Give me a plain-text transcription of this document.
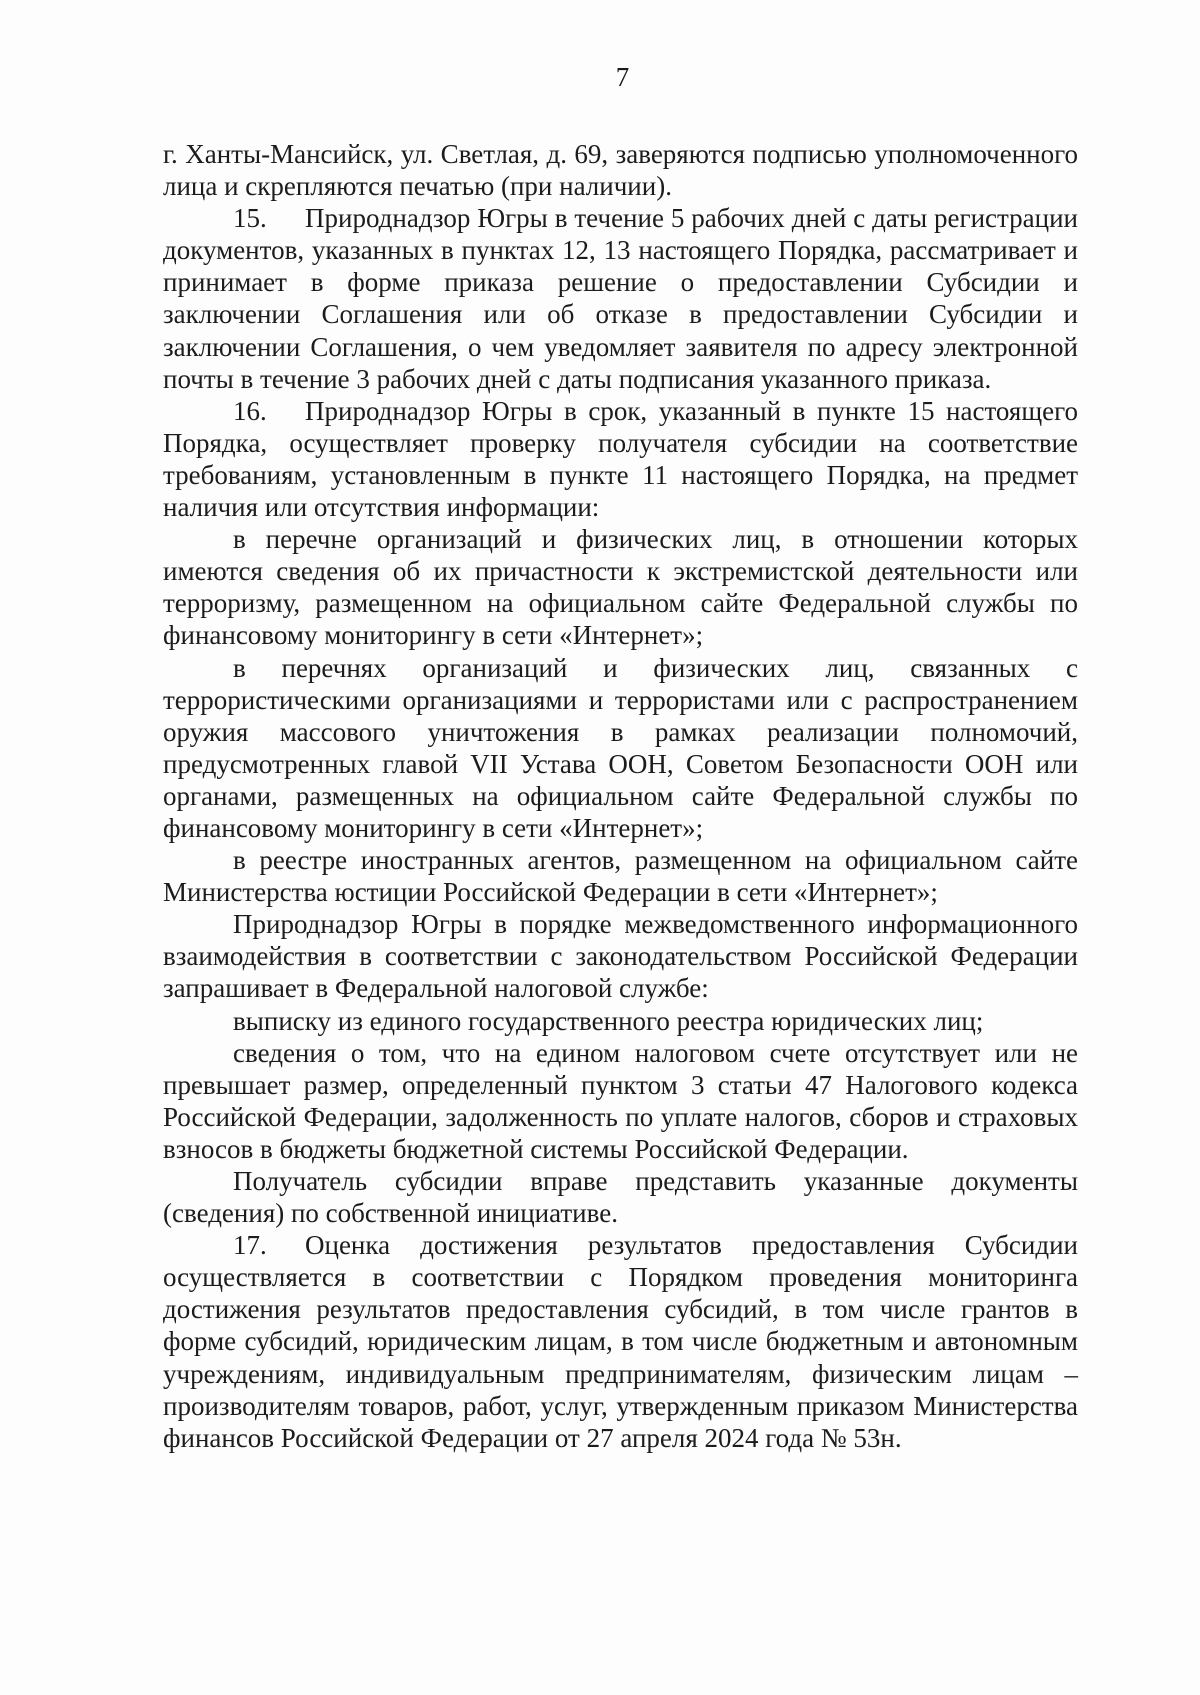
7

г. Ханты-Мансийск, ул. Светлая, д. 69, заверяются подписью уполномоченного лица и скрепляются печатью (при наличии).

15. Природнадзор Югры в течение 5 рабочих дней с даты регистрации документов, указанных в пунктах 12, 13 настоящего Порядка, рассматривает и принимает в форме приказа решение о предоставлении Субсидии и заключении Соглашения или об отказе в предоставлении Субсидии и заключении Соглашения, о чем уведомляет заявителя по адресу электронной почты в течение 3 рабочих дней с даты подписания указанного приказа.

16. Природнадзор Югры в срок, указанный в пункте 15 настоящего Порядка, осуществляет проверку получателя субсидии на соответствие требованиям, установленным в пункте 11 настоящего Порядка, на предмет наличия или отсутствия информации:

в перечне организаций и физических лиц, в отношении которых имеются сведения об их причастности к экстремистской деятельности или терроризму, размещенном на официальном сайте Федеральной службы по финансовому мониторингу в сети «Интернет»;

в перечнях организаций и физических лиц, связанных с террористическими организациями и террористами или с распространением оружия массового уничтожения в рамках реализации полномочий, предусмотренных главой VII Устава ООН, Советом Безопасности ООН или органами, размещенных на официальном сайте Федеральной службы по финансовому мониторингу в сети «Интернет»;

в реестре иностранных агентов, размещенном на официальном сайте Министерства юстиции Российской Федерации в сети «Интернет»;

Природнадзор Югры в порядке межведомственного информационного взаимодействия в соответствии с законодательством Российской Федерации запрашивает в Федеральной налоговой службе:

выписку из единого государственного реестра юридических лиц;

сведения о том, что на едином налоговом счете отсутствует или не превышает размер, определенный пунктом 3 статьи 47 Налогового кодекса Российской Федерации, задолженность по уплате налогов, сборов и страховых взносов в бюджеты бюджетной системы Российской Федерации.

Получатель субсидии вправе представить указанные документы (сведения) по собственной инициативе.

17. Оценка достижения результатов предоставления Субсидии осуществляется в соответствии с Порядком проведения мониторинга достижения результатов предоставления субсидий, в том числе грантов в форме субсидий, юридическим лицам, в том числе бюджетным и автономным учреждениям, индивидуальным предпринимателям, физическим лицам – производителям товаров, работ, услуг, утвержденным приказом Министерства финансов Российской Федерации от 27 апреля 2024 года № 53н.
